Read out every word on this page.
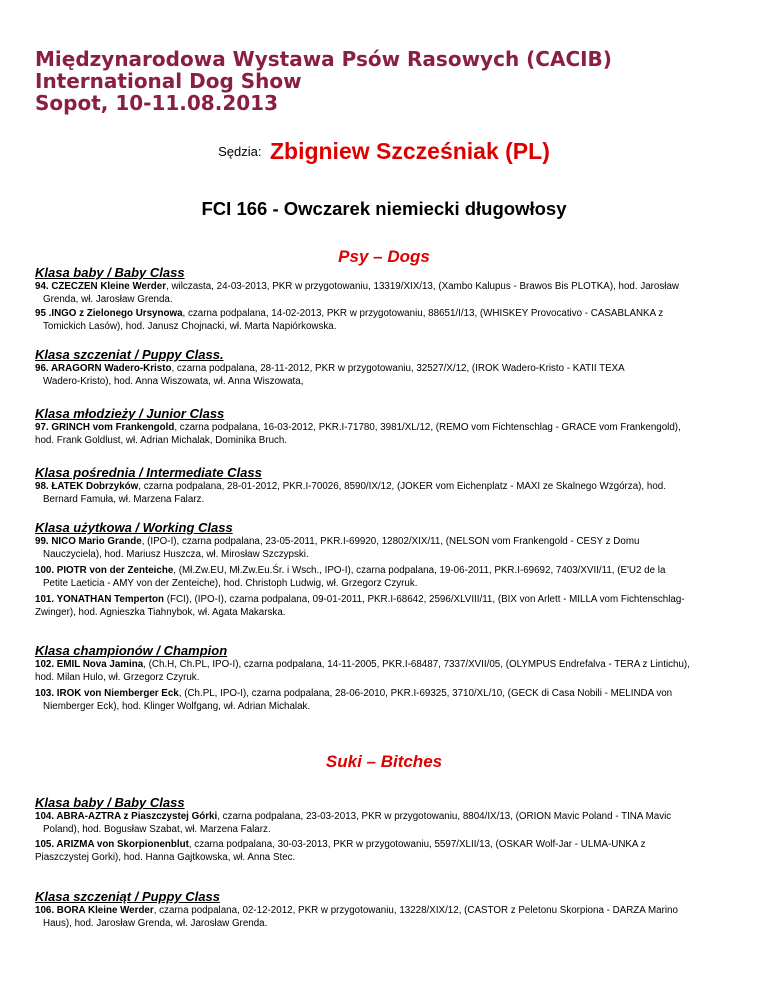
Międzynarodowa Wystawa Psów Rasowych (CACIB)
International Dog Show
Sopot, 10-11.08.2013
Sędzia: Zbigniew Szcześniak (PL)
FCI 166 - Owczarek niemiecki długowłosy
Psy – Dogs
Klasa baby / Baby Class
94. CZECZEN Kleine Werder, wilczasta, 24-03-2013, PKR w przygotowaniu, 13319/XIX/13, (Xambo Kalupus - Brawos Bis PLOTKA), hod. Jarosław
Grenda, wł. Jarosław Grenda.
95 .INGO z Zielonego Ursynowa, czarna podpalana, 14-02-2013, PKR w przygotowaniu, 88651/I/13, (WHISKEY Provocativo - CASABLANKA z
Tomickich Lasów), hod. Janusz Chojnacki, wł. Marta Napiórkowska.
Klasa szczeniat / Puppy Class.
96. ARAGORN Wadero-Kristo, czarna podpalana, 28-11-2012, PKR w przygotowaniu, 32527/X/12, (IROK Wadero-Kristo - KATII TEXA
Wadero-Kristo), hod. Anna Wiszowata, wł. Anna Wiszowata,
Klasa młodzieży / Junior Class
97. GRINCH vom Frankengold, czarna podpalana, 16-03-2012, PKR.I-71780, 3981/XL/12, (REMO vom Fichtenschlag - GRACE vom Frankengold),
hod. Frank Goldlust, wł. Adrian Michalak, Dominika Bruch.
Klasa pośrednia / Intermediate Class
98. ŁATEK Dobrzyków, czarna podpalana, 28-01-2012, PKR.I-70026, 8590/IX/12, (JOKER vom Eichenplatz - MAXI ze Skalnego Wzgórza), hod.
Bernard Famuła, wł. Marzena Falarz.
Klasa użytkowa / Working Class
99. NICO Mario Grande, (IPO-I), czarna podpalana, 23-05-2011, PKR.I-69920, 12802/XIX/11, (NELSON vom Frankengold - CESY z Domu
Nauczyciela), hod. Mariusz Huszcza, wł. Mirosław Szczypski.
100. PIOTR von der Zenteiche, (Mł.Zw.EU, Mł.Zw.Eu.Śr. i Wsch., IPO-I), czarna podpalana, 19-06-2011, PKR.I-69692, 7403/XVII/11, (E'U2 de la
Petite Laeticia - AMY von der Zenteiche), hod. Christoph Ludwig, wł. Grzegorz Czyruk.
101. YONATHAN Temperton (FCI), (IPO-I), czarna podpalana, 09-01-2011, PKR.I-68642, 2596/XLVIII/11, (BIX von Arlett - MILLA vom Fichtenschlag-
Zwinger), hod. Agnieszka Tiahnybok, wł. Agata Makarska.
Klasa championów / Champion
102. EMIL Nova Jamina, (Ch.H, Ch.PL, IPO-I), czarna podpalana, 14-11-2005, PKR.I-68487, 7337/XVII/05, (OLYMPUS Endrefalva - TERA z Lintichu),
hod. Milan Hulo, wł. Grzegorz Czyruk.
103. IROK von Niemberger Eck, (Ch.PL, IPO-I), czarna podpalana, 28-06-2010, PKR.I-69325, 3710/XL/10, (GECK di Casa Nobili - MELINDA von
Niemberger Eck), hod. Klinger Wolfgang, wł. Adrian Michalak.
Suki – Bitches
Klasa baby / Baby Class
104. ABRA-AZTRA z Piaszczystej Górki, czarna podpalana, 23-03-2013, PKR w przygotowaniu, 8804/IX/13, (ORION Mavic Poland - TINA Mavic
Poland), hod. Bogusław Szabat, wł. Marzena Falarz.
105. ARIZMA von Skorpionenblut, czarna podpalana, 30-03-2013, PKR w przygotowaniu, 5597/XLII/13, (OSKAR Wolf-Jar - ULMA-UNKA z
Piaszczystej Gorki), hod. Hanna Gajtkowska, wł. Anna Stec.
Klasa szczeniąt / Puppy Class
106. BORA Kleine Werder, czarna podpalana, 02-12-2012, PKR w przygotowaniu, 13228/XIX/12, (CASTOR z Peletonu Skorpiona - DARZA Marino
Haus), hod. Jarosław Grenda, wł. Jarosław Grenda.
